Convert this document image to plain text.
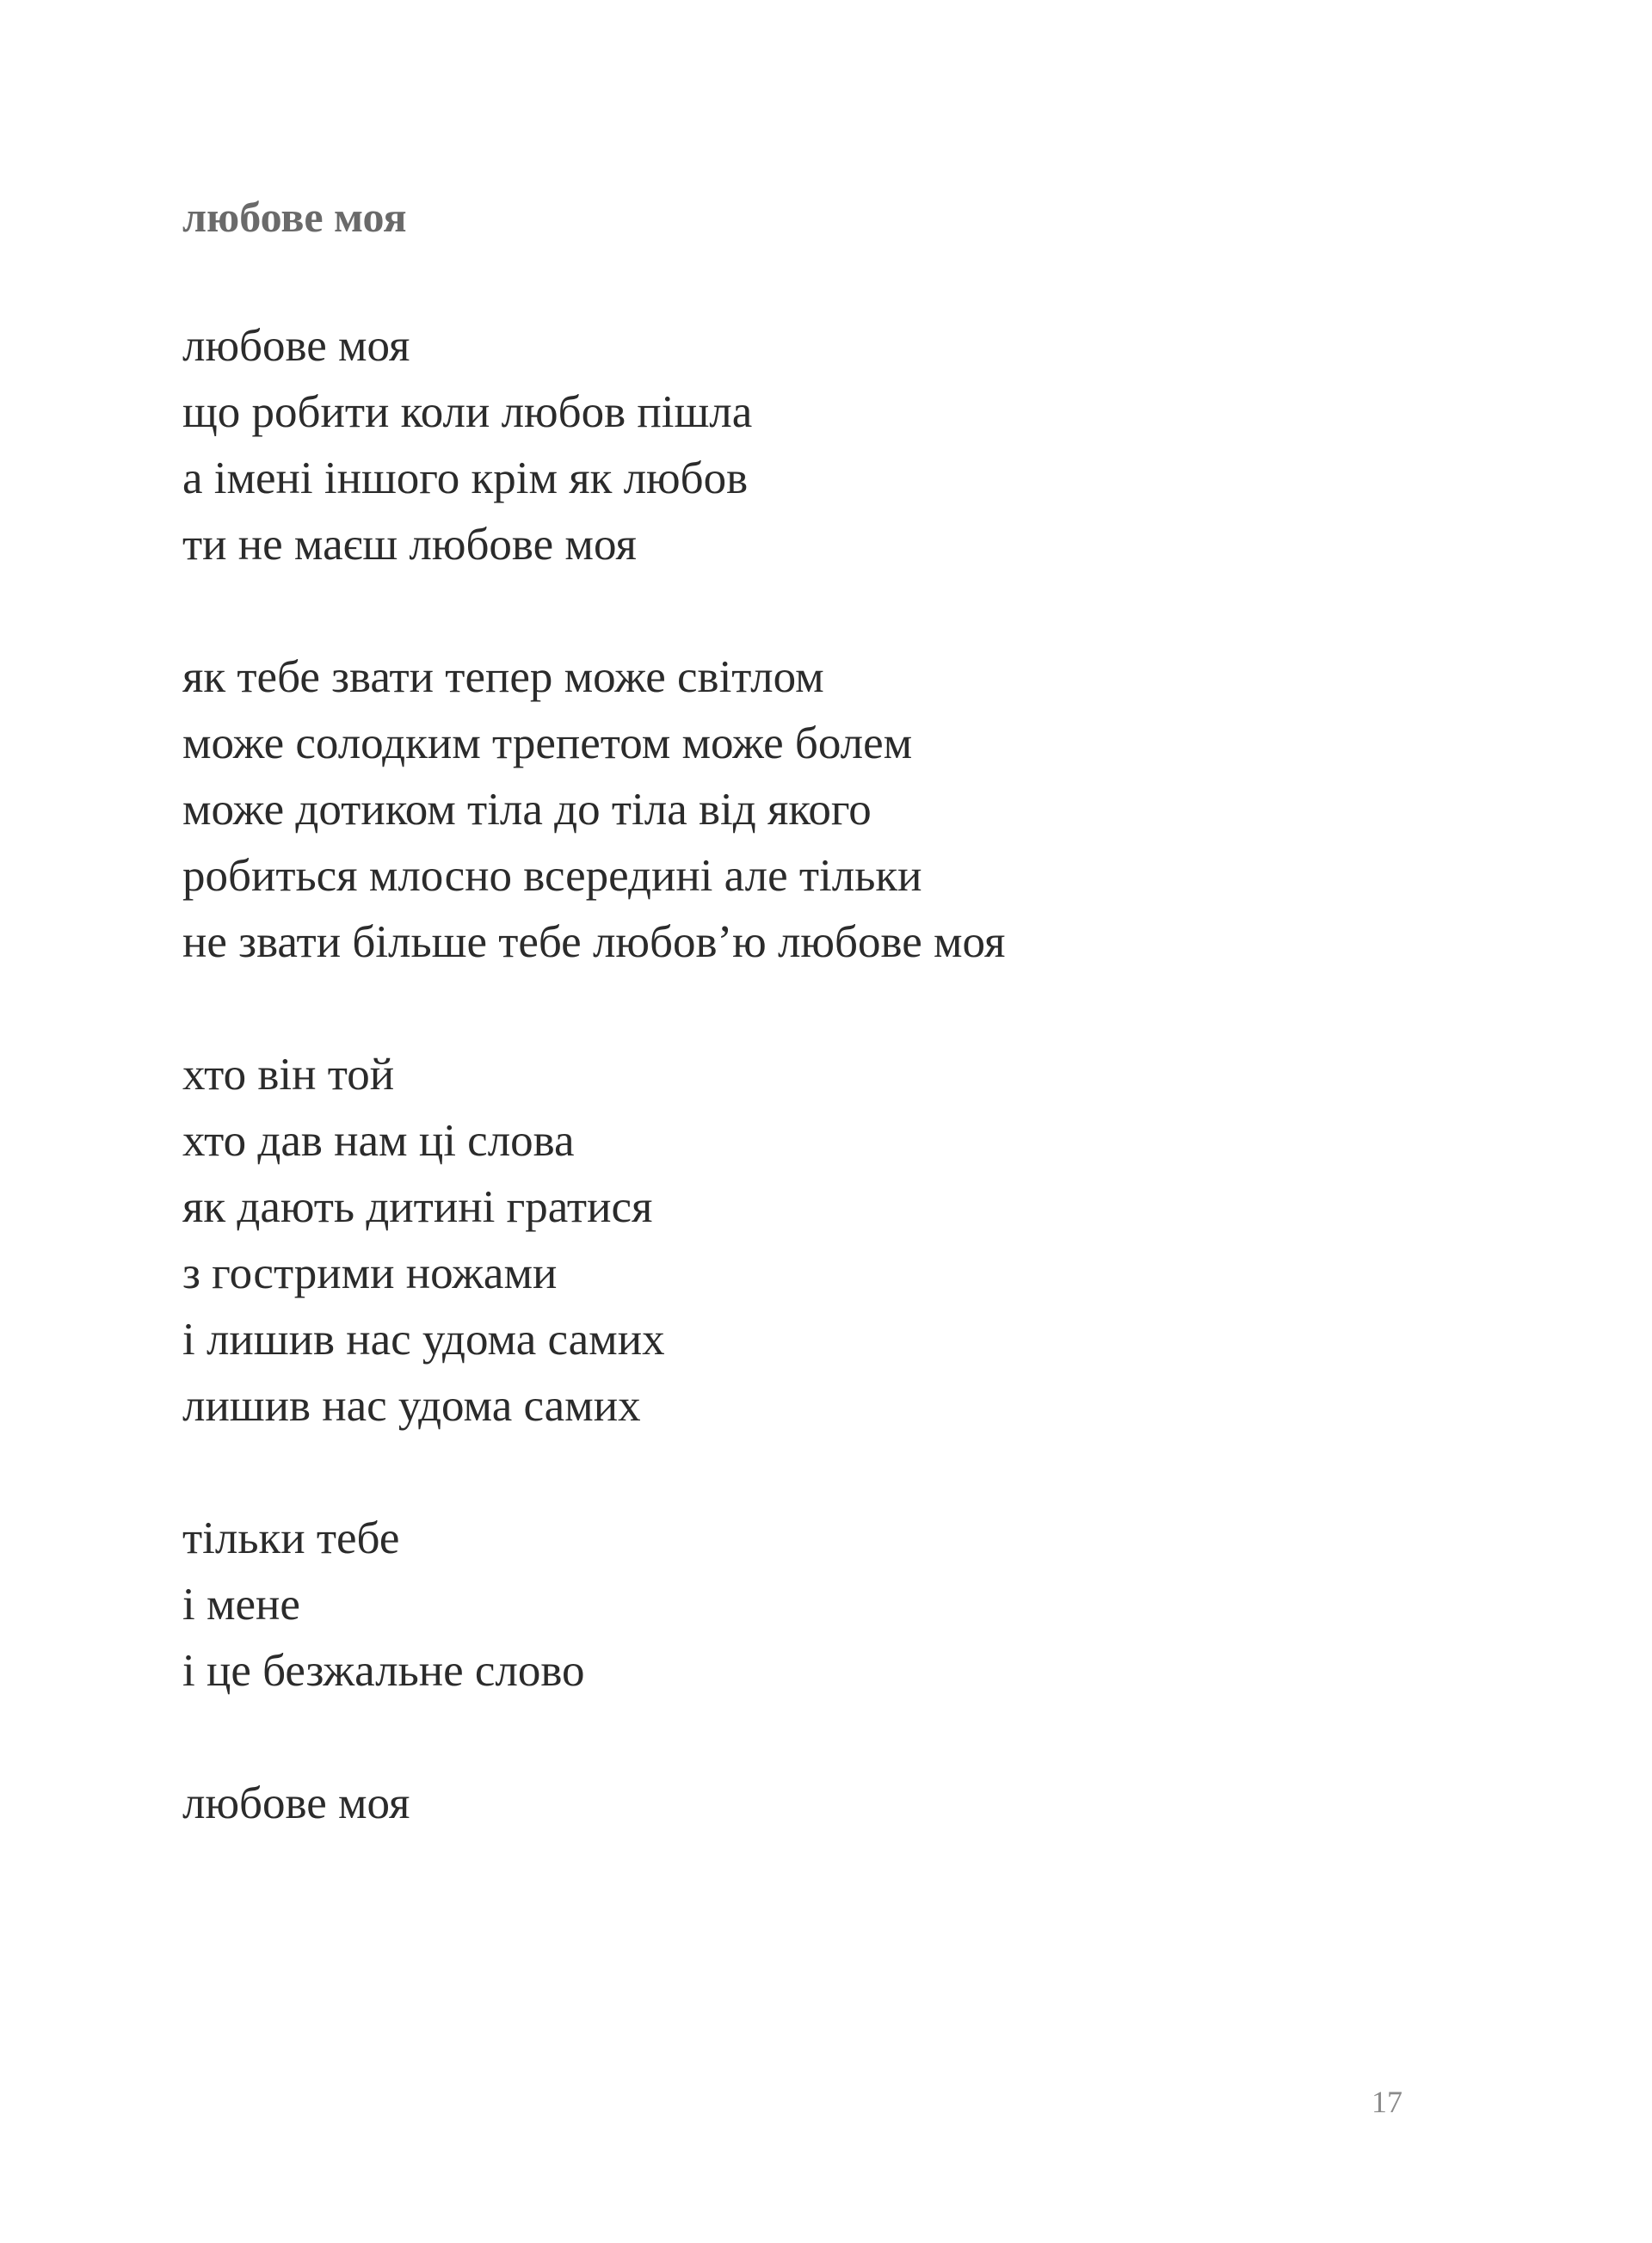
любове моя
любове моя
що робити коли любов пішла
а імені іншого крім як любов
ти не маєш любове моя
як тебе звати тепер може світлом
може солодким трепетом може болем
може дотиком тіла до тіла від якого
робиться млосно всередині але тільки
не звати більше тебе любов’ю любове моя
хто він той
хто дав нам ці слова
як дають дитині гратися
з гострими ножами
і лишив нас удома самих
лишив нас удома самих
тільки тебе
і мене
і це безжальне слово
любове моя
17
